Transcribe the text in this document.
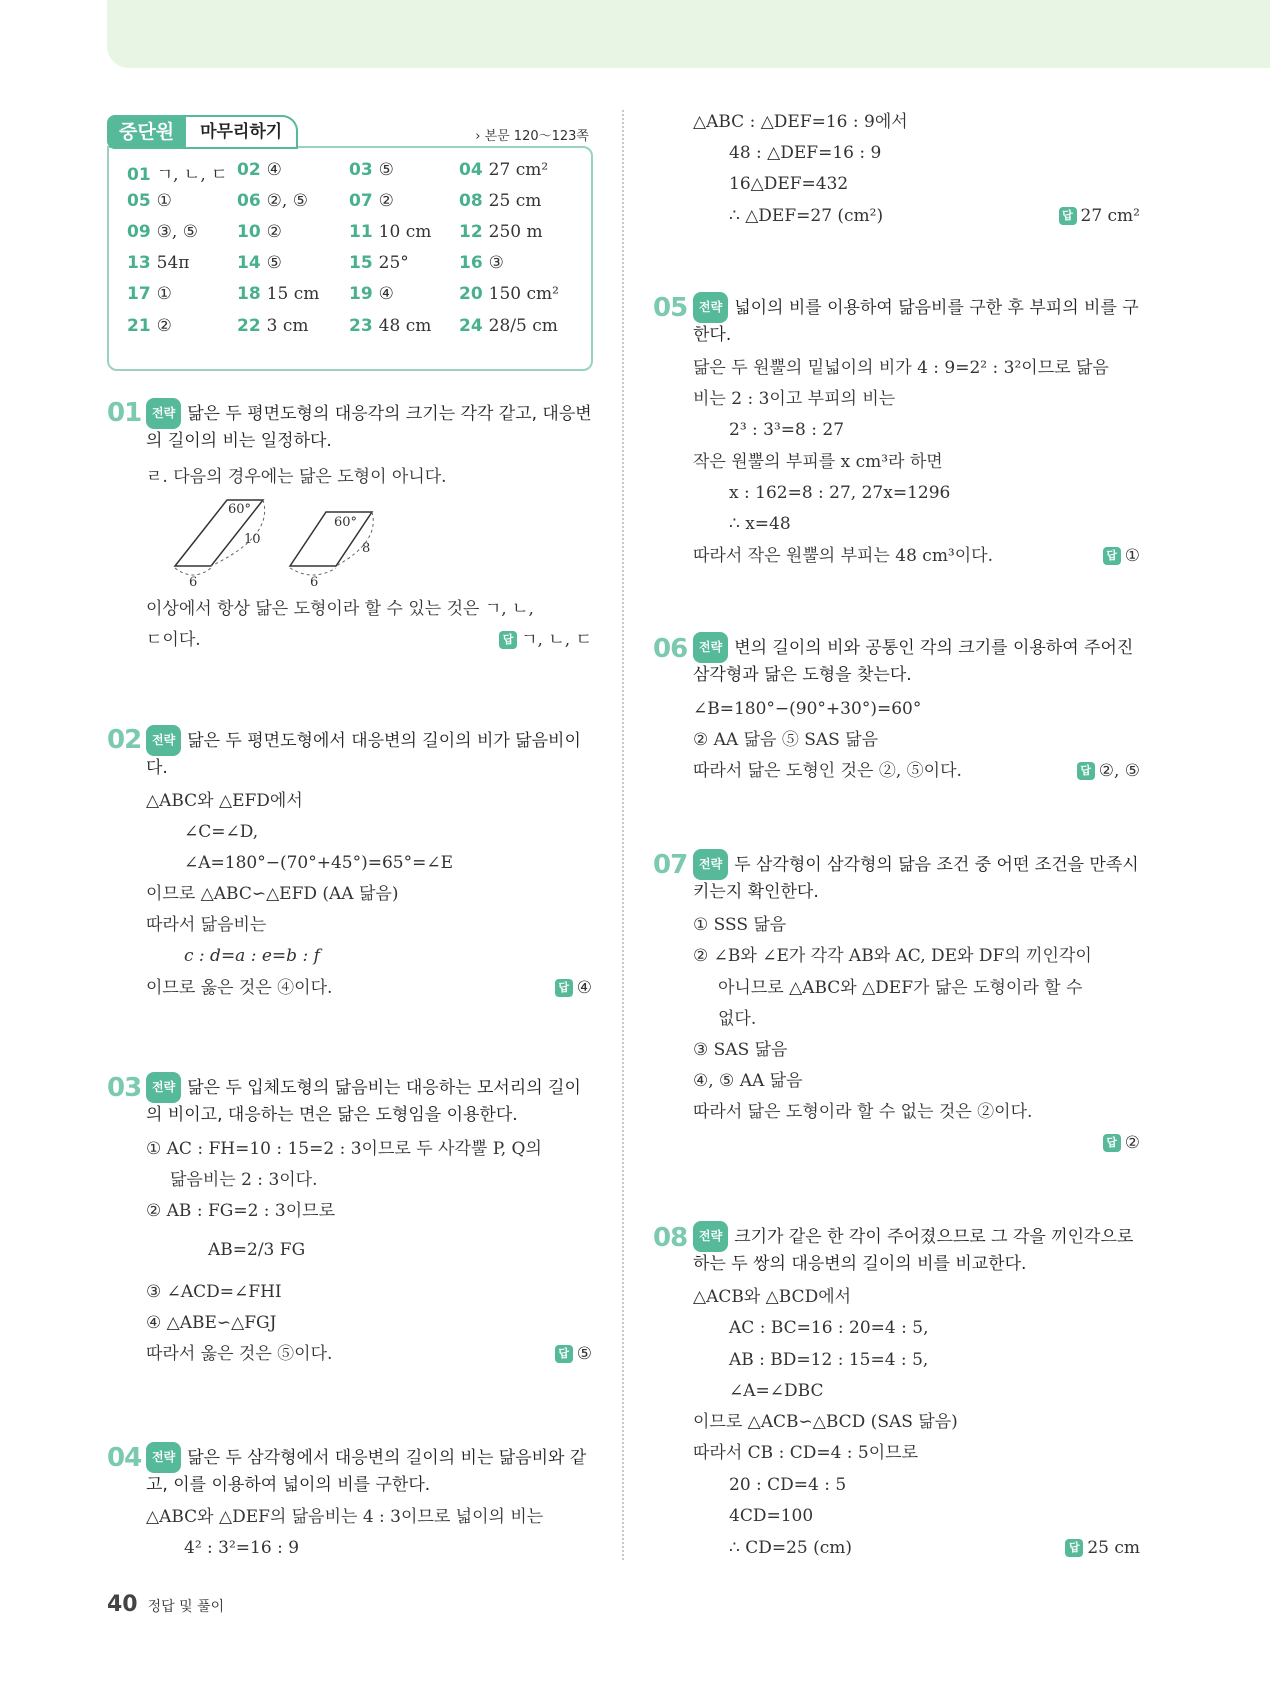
01 ㄱ, ㄴ, ㄷ 02 ④	03 ⑤	04 27 cm²
05 ①	06 ②, ⑤ 07 ②	08 25 cm
09 ③, ⑤ 10 ②	11 10 cm 12 250 m
13 54π	14 ⑤	15 25°	16 ③
17 ①	18 15 cm 19 ④	20 150 cm²
21 ②	22 3 cm 23 48 cm 24 28/5 cm
중단원	마무리하기	› 본문 120～123쪽
01 전략 닮은 두 평면도형의 대응각의 크기는 각각 같고, 대응변
의 길이의 비는 일정하다.
ㄹ. 다음의 경우에는 닮은 도형이 아니다.
60°
10
6
60°
8
6
이상에서 항상 닮은 도형이라 할 수 있는 것은 ㄱ, ㄴ,
ㄷ이다.	답 ㄱ, ㄴ, ㄷ
02 전략 닮은 두 평면도형에서 대응변의 길이의 비가 닮음비이
다.
△ABC와 △EFD에서
∠C=∠D,
∠A=180°−(70°+45°)=65°=∠E
이므로 △ABC∽△EFD (AA 닮음)
따라서 닮음비는
c : d=a : e=b : f
이므로 옳은 것은 ④이다.	답 ④
03 전략 닮은 두 입체도형의 닮음비는 대응하는 모서리의 길이
의 비이고, 대응하는 면은 닮은 도형임을 이용한다.
① AC : FH=10 : 15=2 : 3이므로 두 사각뿔 P, Q의
닮음비는 2 : 3이다.
② AB : FG=2 : 3이므로
AB=2/3 FG
③ ∠ACD=∠FHI
④ △ABE∽△FGJ
따라서 옳은 것은 ⑤이다.	답 ⑤
04 전략 닮은 두 삼각형에서 대응변의 길이의 비는 닮음비와 같
고, 이를 이용하여 넓이의 비를 구한다.
△ABC와 △DEF의 닮음비는 4 : 3이므로 넓이의 비는
4² : 3²=16 : 9
△ABC : △DEF=16 : 9에서
48 : △DEF=16 : 9
16△DEF=432
∴ △DEF=27 (cm²)	답 27 cm²
05 전략 넓이의 비를 이용하여 닮음비를 구한 후 부피의 비를 구
한다.
닮은 두 원뿔의 밑넓이의 비가 4 : 9=2² : 3²이므로 닮음
비는 2 : 3이고 부피의 비는
2³ : 3³=8 : 27
작은 원뿔의 부피를 x cm³라 하면
x : 162=8 : 27, 27x=1296
∴ x=48
따라서 작은 원뿔의 부피는 48 cm³이다.	답 ①
06 전략 변의 길이의 비와 공통인 각의 크기를 이용하여 주어진
삼각형과 닮은 도형을 찾는다.
∠B=180°−(90°+30°)=60°
② AA 닮음 ⑤ SAS 닮음
따라서 닮은 도형인 것은 ②, ⑤이다.	답 ②, ⑤
07 전략 두 삼각형이 삼각형의 닮음 조건 중 어떤 조건을 만족시
키는지 확인한다.
① SSS 닮음
② ∠B와 ∠E가 각각 AB와 AC, DE와 DF의 끼인각이
아니므로 △ABC와 △DEF가 닮은 도형이라 할 수
없다.
③ SAS 닮음
④, ⑤ AA 닮음
따라서 닮은 도형이라 할 수 없는 것은 ②이다.
답 ②
08 전략 크기가 같은 한 각이 주어졌으므로 그 각을 끼인각으로
하는 두 쌍의 대응변의 길이의 비를 비교한다.
△ACB와 △BCD에서
AC : BC=16 : 20=4 : 5,
AB : BD=12 : 15=4 : 5,
∠A=∠DBC
이므로 △ACB∽△BCD (SAS 닮음)
따라서 CB : CD=4 : 5이므로
20 : CD=4 : 5
4CD=100
∴ CD=25 (cm)	답 25 cm
40 정답 및 풀이
